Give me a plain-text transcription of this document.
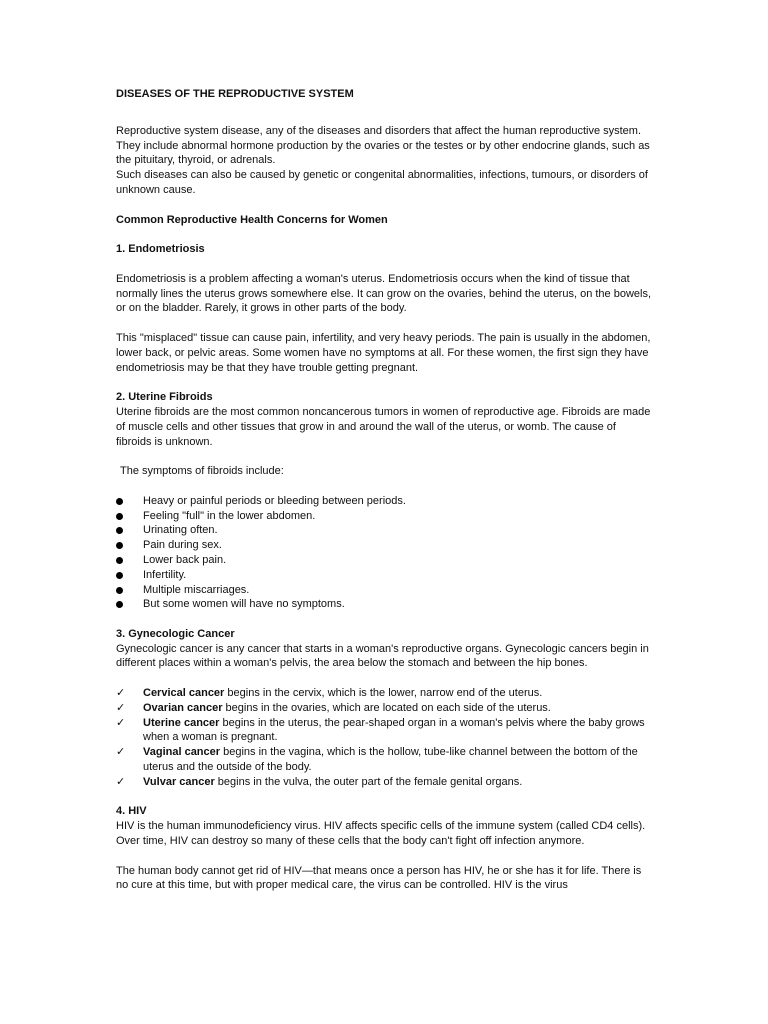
DISEASES OF THE REPRODUCTIVE SYSTEM

Reproductive system disease, any of the diseases and disorders that affect the human reproductive system.

They include abnormal hormone production by the ovaries or the testes or by other endocrine glands, such as the pituitary, thyroid, or adrenals.

Such diseases can also be caused by genetic or congenital abnormalities, infections, tumours, or disorders of unknown cause.

Common Reproductive Health Concerns for Women

1. Endometriosis

Endometriosis is a problem affecting a woman's uterus. Endometriosis occurs when the kind of tissue that normally lines the uterus grows somewhere else. It can grow on the ovaries, behind the uterus, on the bowels, or on the bladder. Rarely, it grows in other parts of the body.

This "misplaced" tissue can cause pain, infertility, and very heavy periods. The pain is usually in the abdomen, lower back, or pelvic areas. Some women have no symptoms at all. For these women, the first sign they have endometriosis may be that they have trouble getting pregnant.

2. Uterine Fibroids

Uterine fibroids are the most common noncancerous tumors in women of reproductive age. Fibroids are made of muscle cells and other tissues that grow in and around the wall of the uterus, or womb. The cause of fibroids is unknown.

The symptoms of fibroids include:

Heavy or painful periods or bleeding between periods.
Feeling "full" in the lower abdomen.
Urinating often.
Pain during sex.
Lower back pain.
Infertility.
Multiple miscarriages.
But some women will have no symptoms.

3. Gynecologic Cancer

Gynecologic cancer is any cancer that starts in a woman's reproductive organs. Gynecologic cancers begin in different places within a woman's pelvis, the area below the stomach and between the hip bones.

✓ Cervical cancer begins in the cervix, which is the lower, narrow end of the uterus.
✓ Ovarian cancer begins in the ovaries, which are located on each side of the uterus.
✓ Uterine cancer begins in the uterus, the pear-shaped organ in a woman's pelvis where the baby grows when a woman is pregnant.
✓ Vaginal cancer begins in the vagina, which is the hollow, tube-like channel between the bottom of the uterus and the outside of the body.
✓ Vulvar cancer begins in the vulva, the outer part of the female genital organs.

4. HIV

HIV is the human immunodeficiency virus. HIV affects specific cells of the immune system (called CD4 cells). Over time, HIV can destroy so many of these cells that the body can't fight off infection anymore.

The human body cannot get rid of HIV—that means once a person has HIV, he or she has it for life. There is no cure at this time, but with proper medical care, the virus can be controlled. HIV is the virus
